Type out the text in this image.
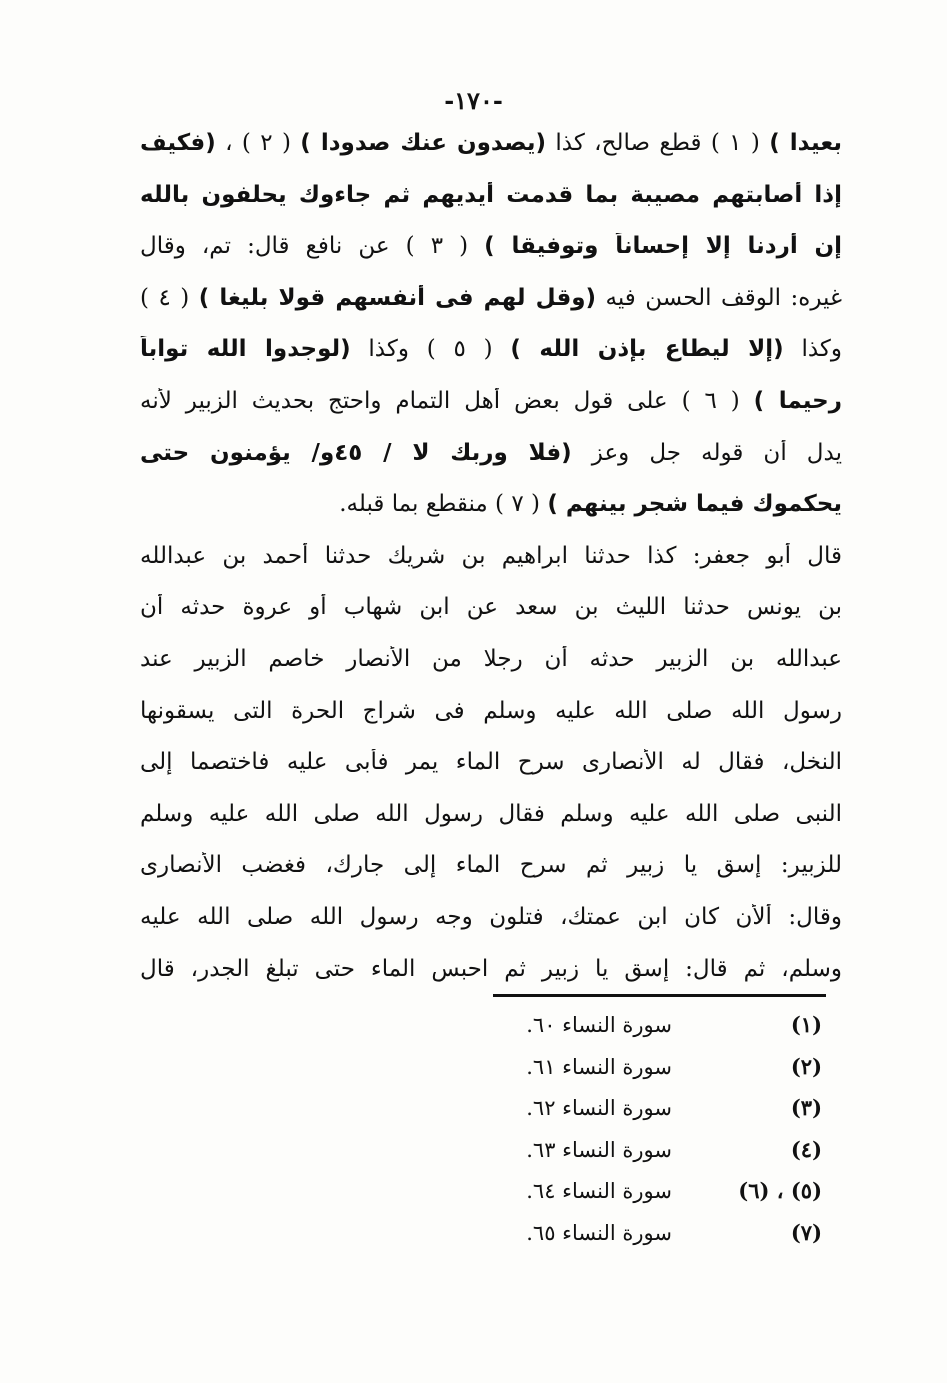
-١٧٠-
بعيدا ) ( ١ ) قطع صالح، كذا (يصدون عنك صدودا ) ( ٢ ) ، (فكيف
إذا أصابتهم مصيبة بما قدمت أيديهم ثم جاءوك يحلفون بالله
إن أردنا إلا إحساناً وتوفيقا ) ( ٣ ) عن نافع قال: تم، وقال
غيره: الوقف الحسن فيه (وقل لهم فى أنفسهم قولا بليغا ) ( ٤ )
وكذا (إلا ليطاع بإذن الله ) ( ٥ ) وكذا (لوجدوا الله تواباً
رحيما ) ( ٦ ) على قول بعض أهل التمام واحتج بحديث الزبير لأنه
يدل أن قوله جل وعز (فلا وربك لا / ٤٥و/ يؤمنون حتى
يحكموك فيما شجر بينهم ) ( ٧ ) منقطع بما قبله.
قال أبو جعفر: كذا حدثنا ابراهيم بن شريك حدثنا أحمد بن عبدالله
بن يونس حدثنا الليث بن سعد عن ابن شهاب أو عروة حدثه أن
عبدالله بن الزبير حدثه أن رجلا من الأنصار خاصم الزبير عند
رسول الله صلى الله عليه وسلم فى شراج الحرة التى يسقونها
النخل، فقال له الأنصارى سرح الماء يمر فأبى عليه فاختصما إلى
النبى صلى الله عليه وسلم فقال رسول الله صلى الله عليه وسلم
للزبير: إسق يا زبير ثم سرح الماء إلى جارك، فغضب الأنصارى
وقال: ألأن كان ابن عمتك، فتلون وجه رسول الله صلى الله عليه
وسلم، ثم قال: إسق يا زبير ثم احبس الماء حتى تبلغ الجدر، قال
(١)سورة النساء ٦٠.
(٢)سورة النساء ٦١.
(٣)سورة النساء ٦٢.
(٤)سورة النساء ٦٣.
(٥) ، (٦)سورة النساء ٦٤.
(٧)سورة النساء ٦٥.
